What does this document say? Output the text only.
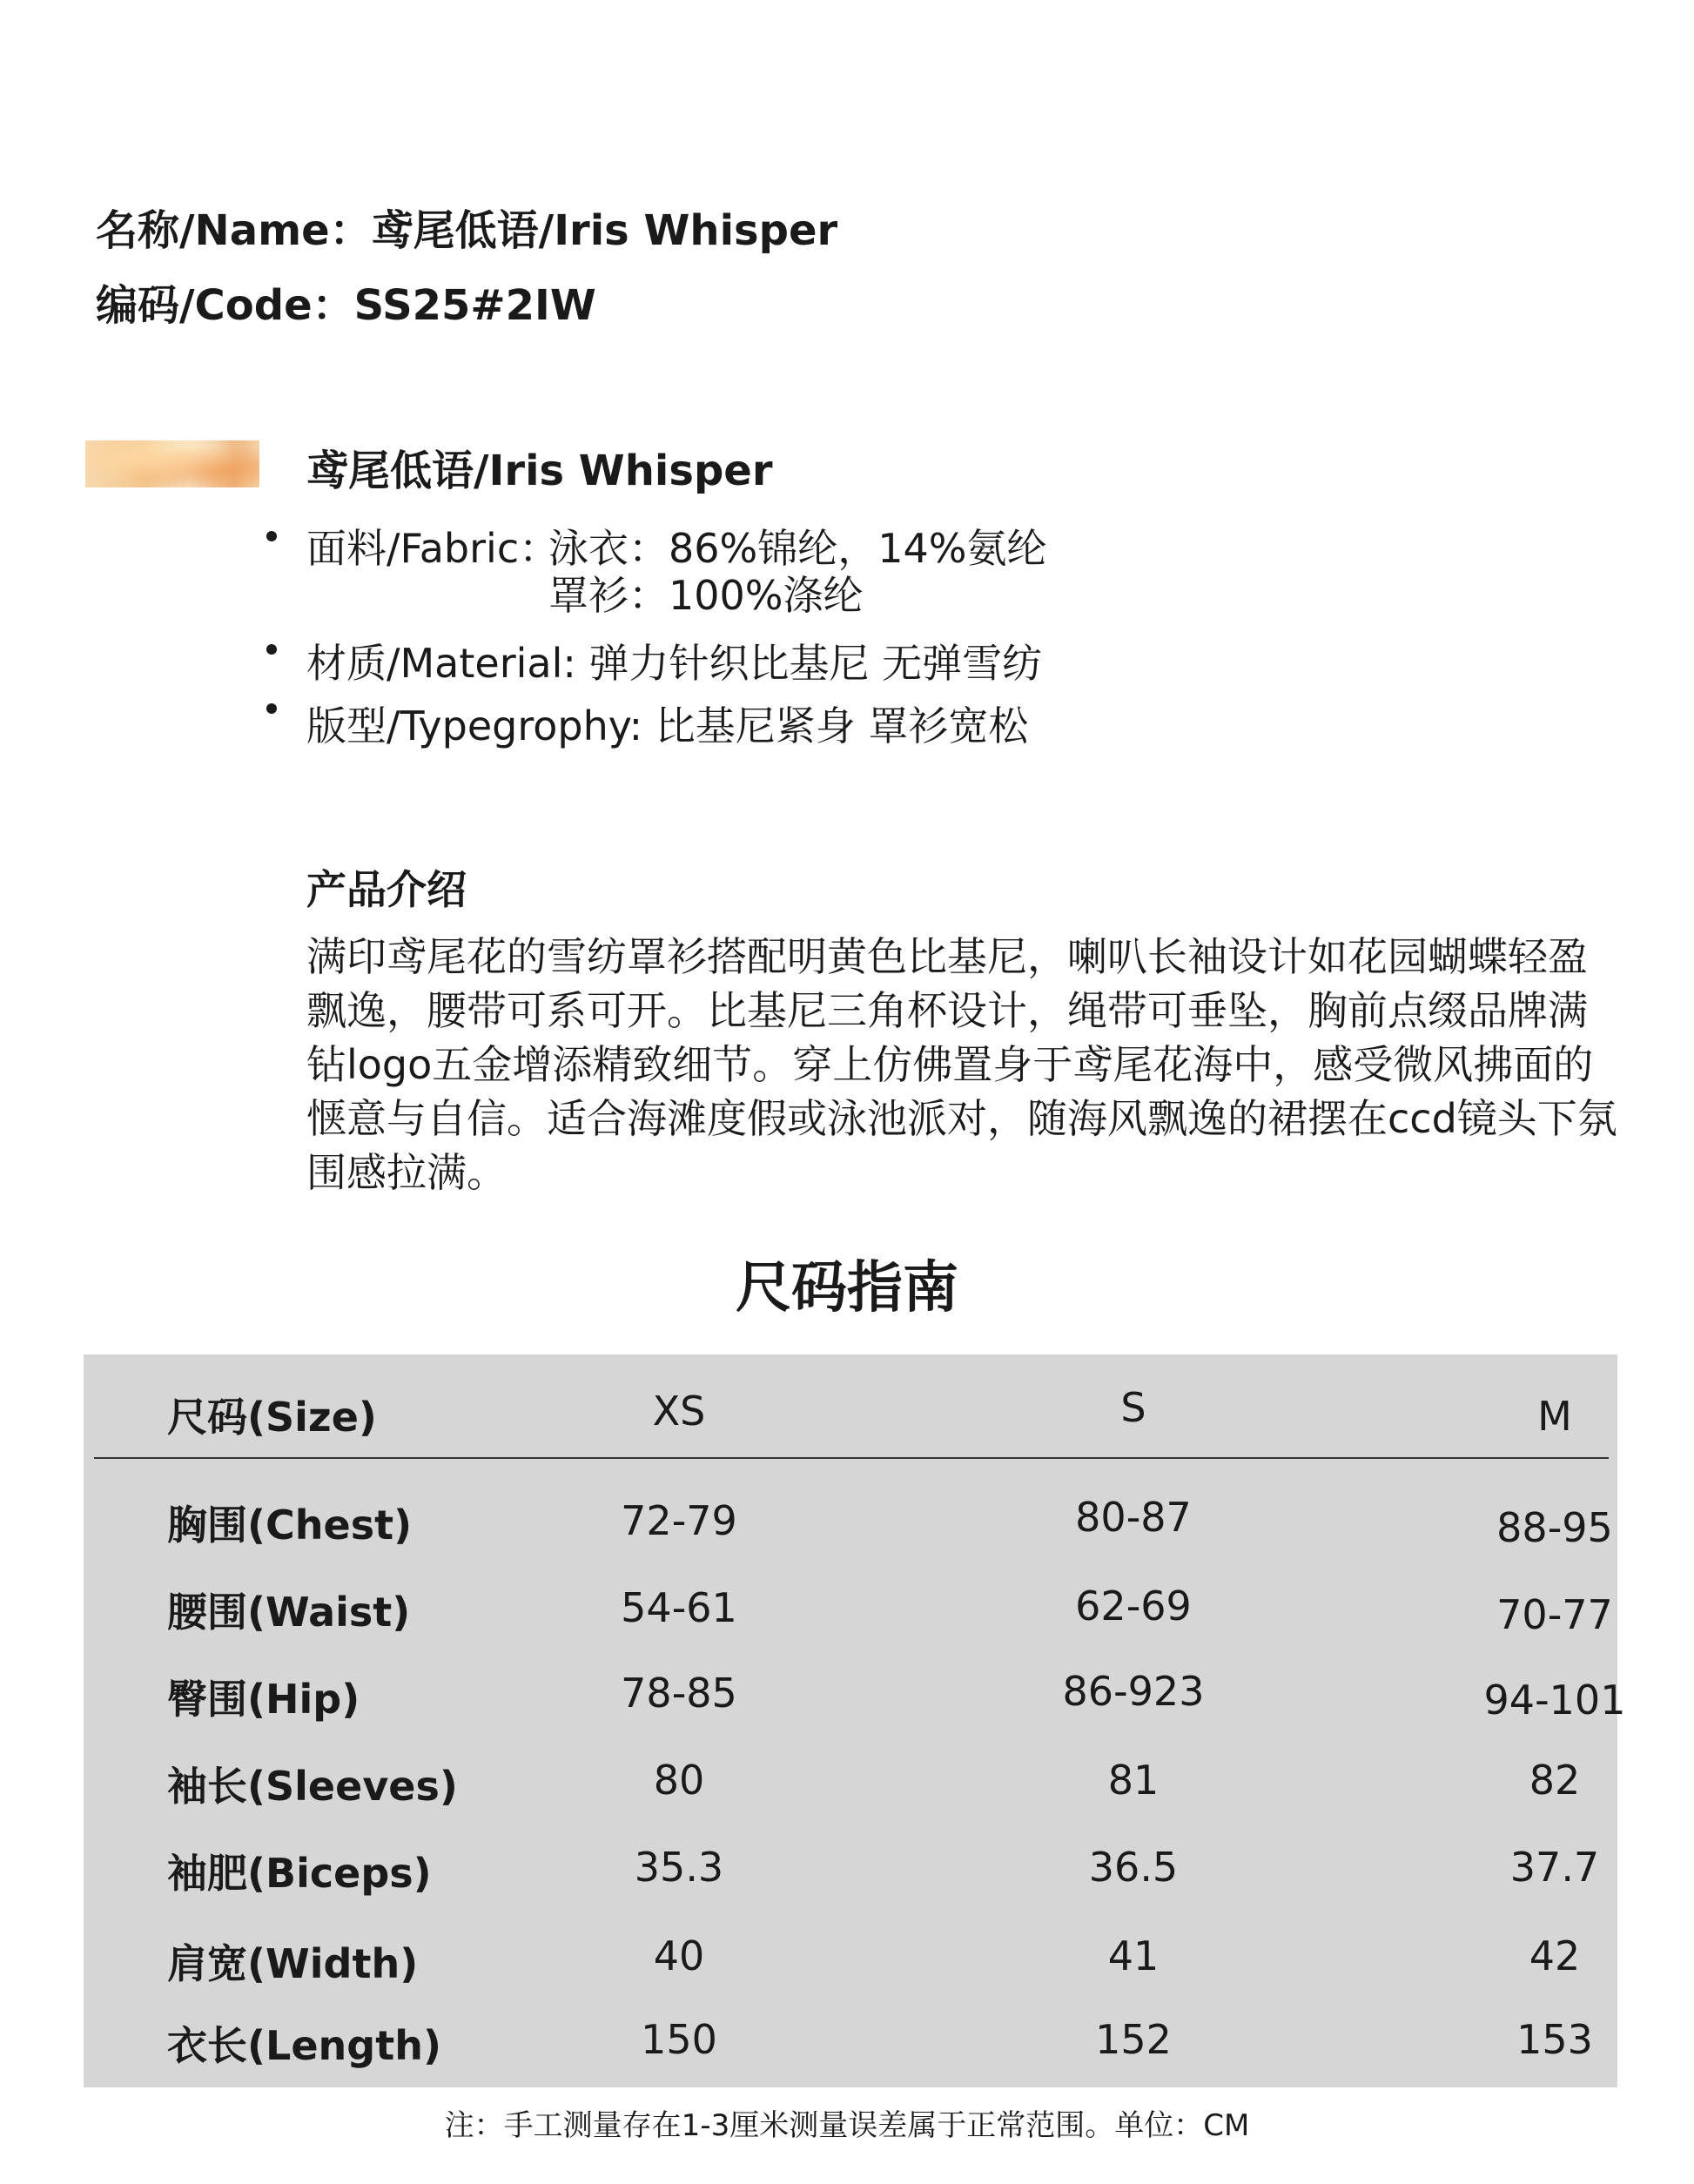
名称/Name：鸢尾低语/Iris Whisper
编码/Code：SS25#2IW
鸢尾低语/Iris Whisper
面料/Fabric：
泳衣：86%锦纶，14%氨纶
罩衫：100%涤纶
材质/Material: 弹力针织比基尼 无弹雪纺
版型/Typegrophy: 比基尼紧身 罩衫宽松
产品介绍
满印鸢尾花的雪纺罩衫搭配明黄色比基尼，喇叭长袖设计如花园蝴蝶轻盈飘逸，腰带可系可开。比基尼三角杯设计，绳带可垂坠，胸前点缀品牌满钻logo五金增添精致细节。穿上仿佛置身于鸢尾花海中，感受微风拂面的惬意与自信。适合海滩度假或泳池派对，随海风飘逸的裙摆在ccd镜头下氛围感拉满。
尺码指南
尺码(Size)	XS	S	M
胸围(Chest)	72-79	80-87	88-95
腰围(Waist)	54-61	62-69	70-77
臀围(Hip)	78-85	86-923	94-101
袖长(Sleeves)	80	81	82
袖肥(Biceps)	35.3	36.5	37.7
肩宽(Width)	40	41	42
衣长(Length)	150	152	153
注：手工测量存在1-3厘米测量误差属于正常范围。单位：CM
